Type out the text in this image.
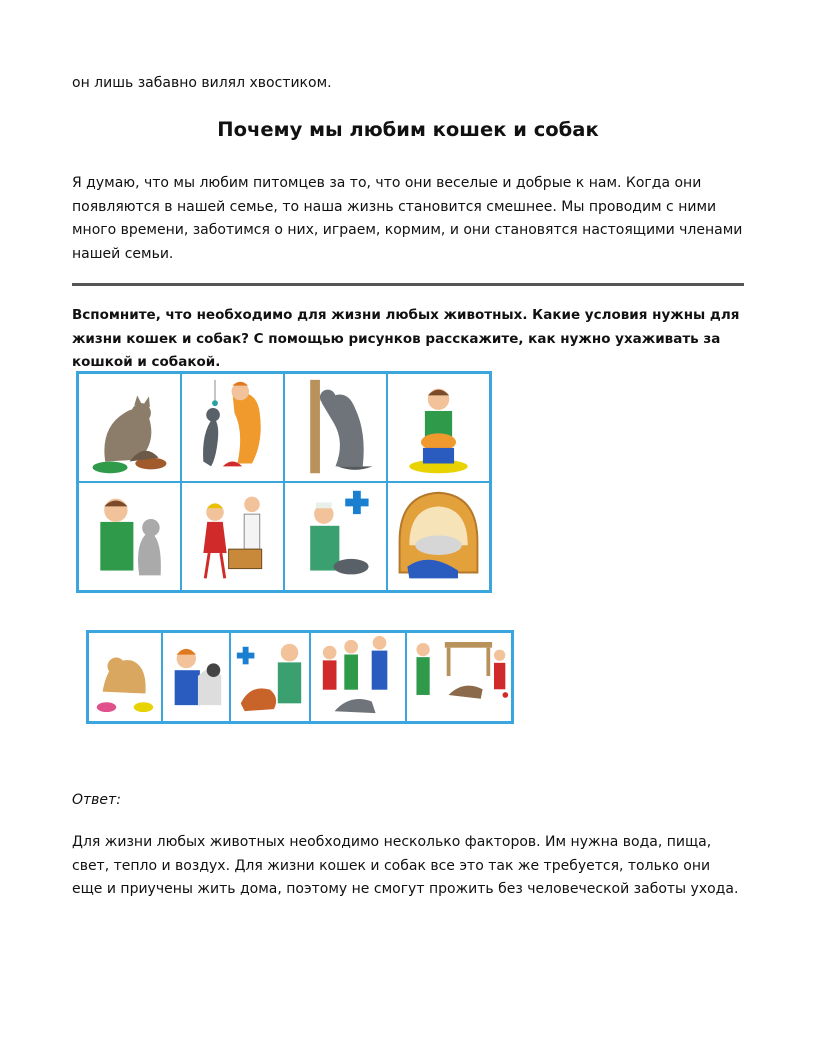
он лишь забавно вилял хвостиком.

Почему мы любим кошек и собак

Я думаю, что мы любим питомцев за то, что они веселые и добрые к нам. Когда они появляются в нашей семье, то наша жизнь становится смешнее. Мы проводим с ними много времени, заботимся о них, играем, кормим, и они становятся настоящими членами нашей семьи.

Вспомните, что необходимо для жизни любых животных. Какие условия нужны для жизни кошек и собак? С помощью рисунков расскажите, как нужно ухаживать за кошкой и собакой.

Ответ:

Для жизни любых животных необходимо несколько факторов. Им нужна вода, пища, свет, тепло и воздух. Для жизни кошек и собак все это так же требуется, только они еще и приучены жить дома, поэтому не смогут прожить без человеческой заботы ухода.
